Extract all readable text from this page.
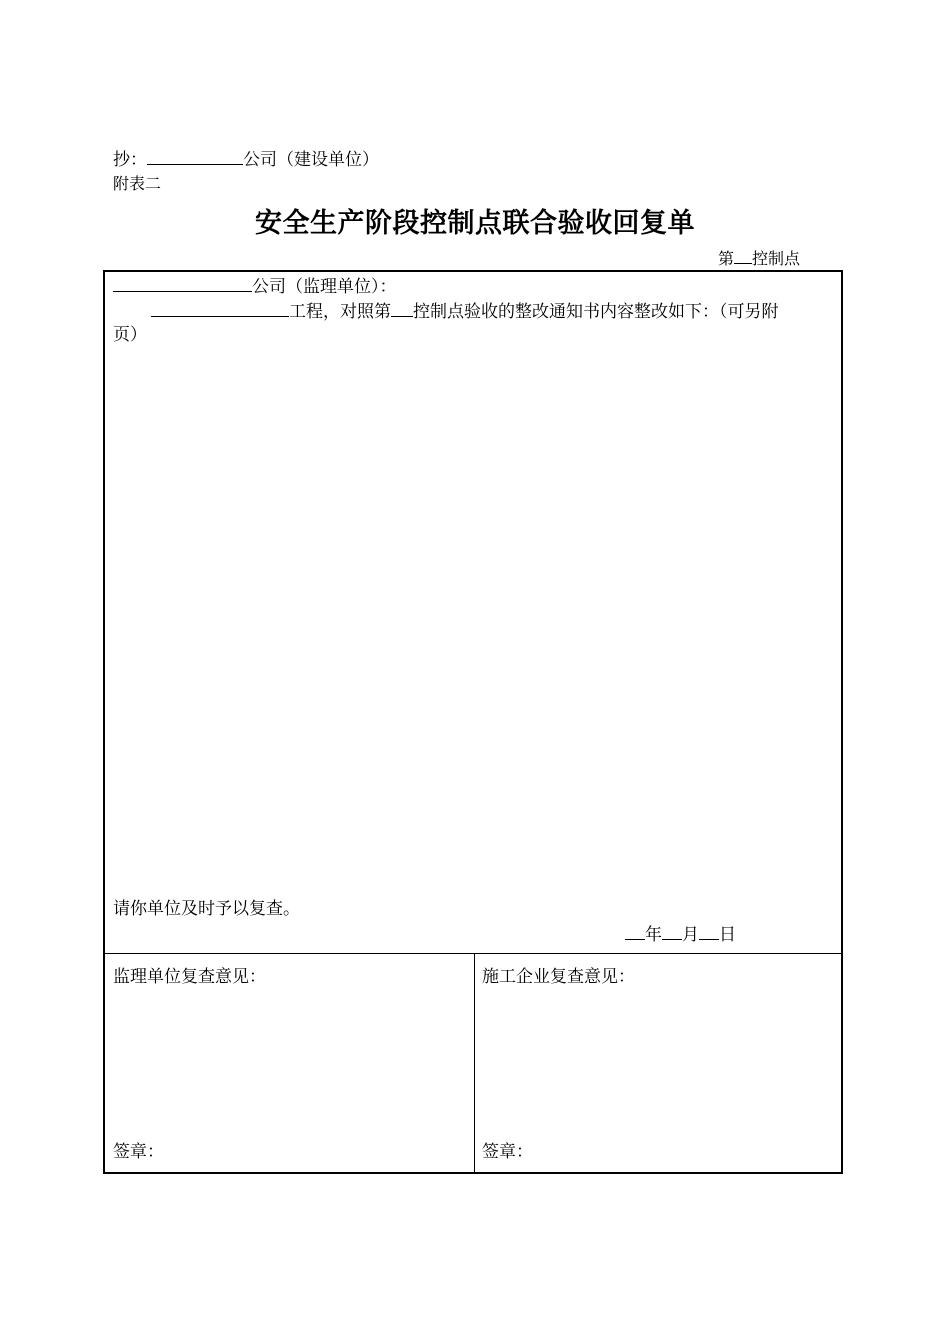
抄：	公司（建设单位）
附表二
安全生产阶段控制点联合验收回复单
第 控制点
公司（监理单位）：
工程，对照第 控制点验收的整改通知书内容整改如下：（可另附
页）
请你单位及时予以复查。
年 月 日
监理单位复查意见：	施工企业复查意见：
签章：	签章：
